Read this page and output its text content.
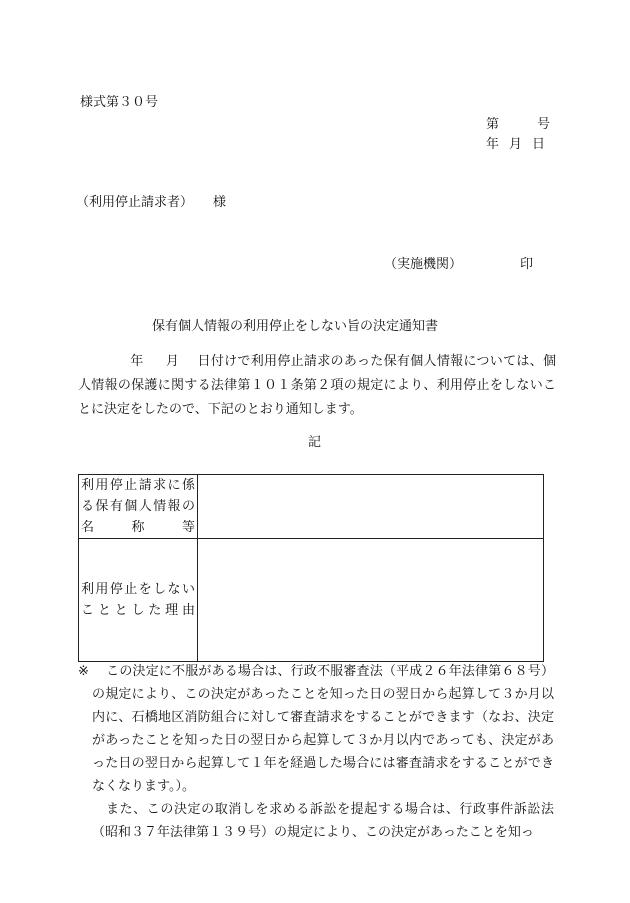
様式第３０号
第	号
年 月 日
（利用停止請求者） 様
（実施機関）	印
保有個人情報の利用停止をしない旨の決定通知書
年 月 日付けで利用停止請求のあった保有個人情報については、個人情報の保護に関する法律第１０１条第２項の規定により、利用停止をしないことに決定をしたので、下記のとおり通知します。
記
利用停止請求に係る保有個人情報の名称等	
利用停止をしないこととした理由	
※ この決定に不服がある場合は、行政不服審査法（平成２６年法律第６８号）の規定により、この決定があったことを知った日の翌日から起算して３か月以内に、石橋地区消防組合に対して審査請求をすることができます（なお、決定があったことを知った日の翌日から起算して３か月以内であっても、決定があった日の翌日から起算して１年を経過した場合には審査請求をすることができなくなります。）。
また、この決定の取消しを求める訴訟を提起する場合は、行政事件訴訟法（昭和３７年法律第１３９号）の規定により、この決定があったことを知っ
